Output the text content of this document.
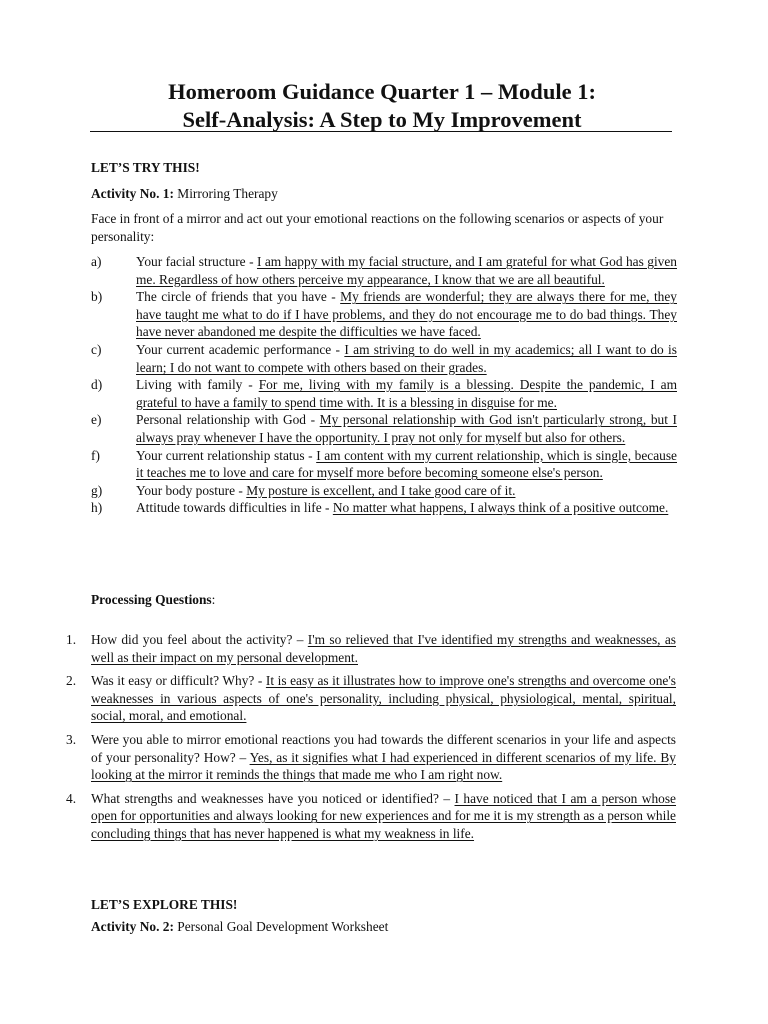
Homeroom Guidance Quarter 1 – Module 1:
Self-Analysis: A Step to My Improvement

LET’S TRY THIS!

Activity No. 1: Mirroring Therapy

Face in front of a mirror and act out your emotional reactions on the following scenarios or aspects of your personality:

a)	Your facial structure - I am happy with my facial structure, and I am grateful for what God has given me. Regardless of how others perceive my appearance, I know that we are all beautiful.
b)	The circle of friends that you have - My friends are wonderful; they are always there for me, they have taught me what to do if I have problems, and they do not encourage me to do bad things. They have never abandoned me despite the difficulties we have faced.
c)	Your current academic performance - I am striving to do well in my academics; all I want to do is learn; I do not want to compete with others based on their grades.
d)	Living with family - For me, living with my family is a blessing. Despite the pandemic, I am grateful to have a family to spend time with. It is a blessing in disguise for me.
e)	Personal relationship with God - My personal relationship with God isn't particularly strong, but I always pray whenever I have the opportunity. I pray not only for myself but also for others.
f)	Your current relationship status - I am content with my current relationship, which is single, because it teaches me to love and care for myself more before becoming someone else's person.
g)	Your body posture - My posture is excellent, and I take good care of it.
h)	Attitude towards difficulties in life - No matter what happens, I always think of a positive outcome.

Processing Questions:

1.	How did you feel about the activity? – I'm so relieved that I've identified my strengths and weaknesses, as well as their impact on my personal development.
2.	Was it easy or difficult? Why? - It is easy as it illustrates how to improve one's strengths and overcome one's weaknesses in various aspects of one's personality, including physical, physiological, mental, spiritual, social, moral, and emotional.
3.	Were you able to mirror emotional reactions you had towards the different scenarios in your life and aspects of your personality? How? – Yes, as it signifies what I had experienced in different scenarios of my life. By looking at the mirror it reminds the things that made me who I am right now.
4.	What strengths and weaknesses have you noticed or identified? – I have noticed that I am a person whose open for opportunities and always looking for new experiences and for me it is my strength as a person while concluding things that has never happened is what my weakness in life.

LET’S EXPLORE THIS!

Activity No. 2: Personal Goal Development Worksheet
